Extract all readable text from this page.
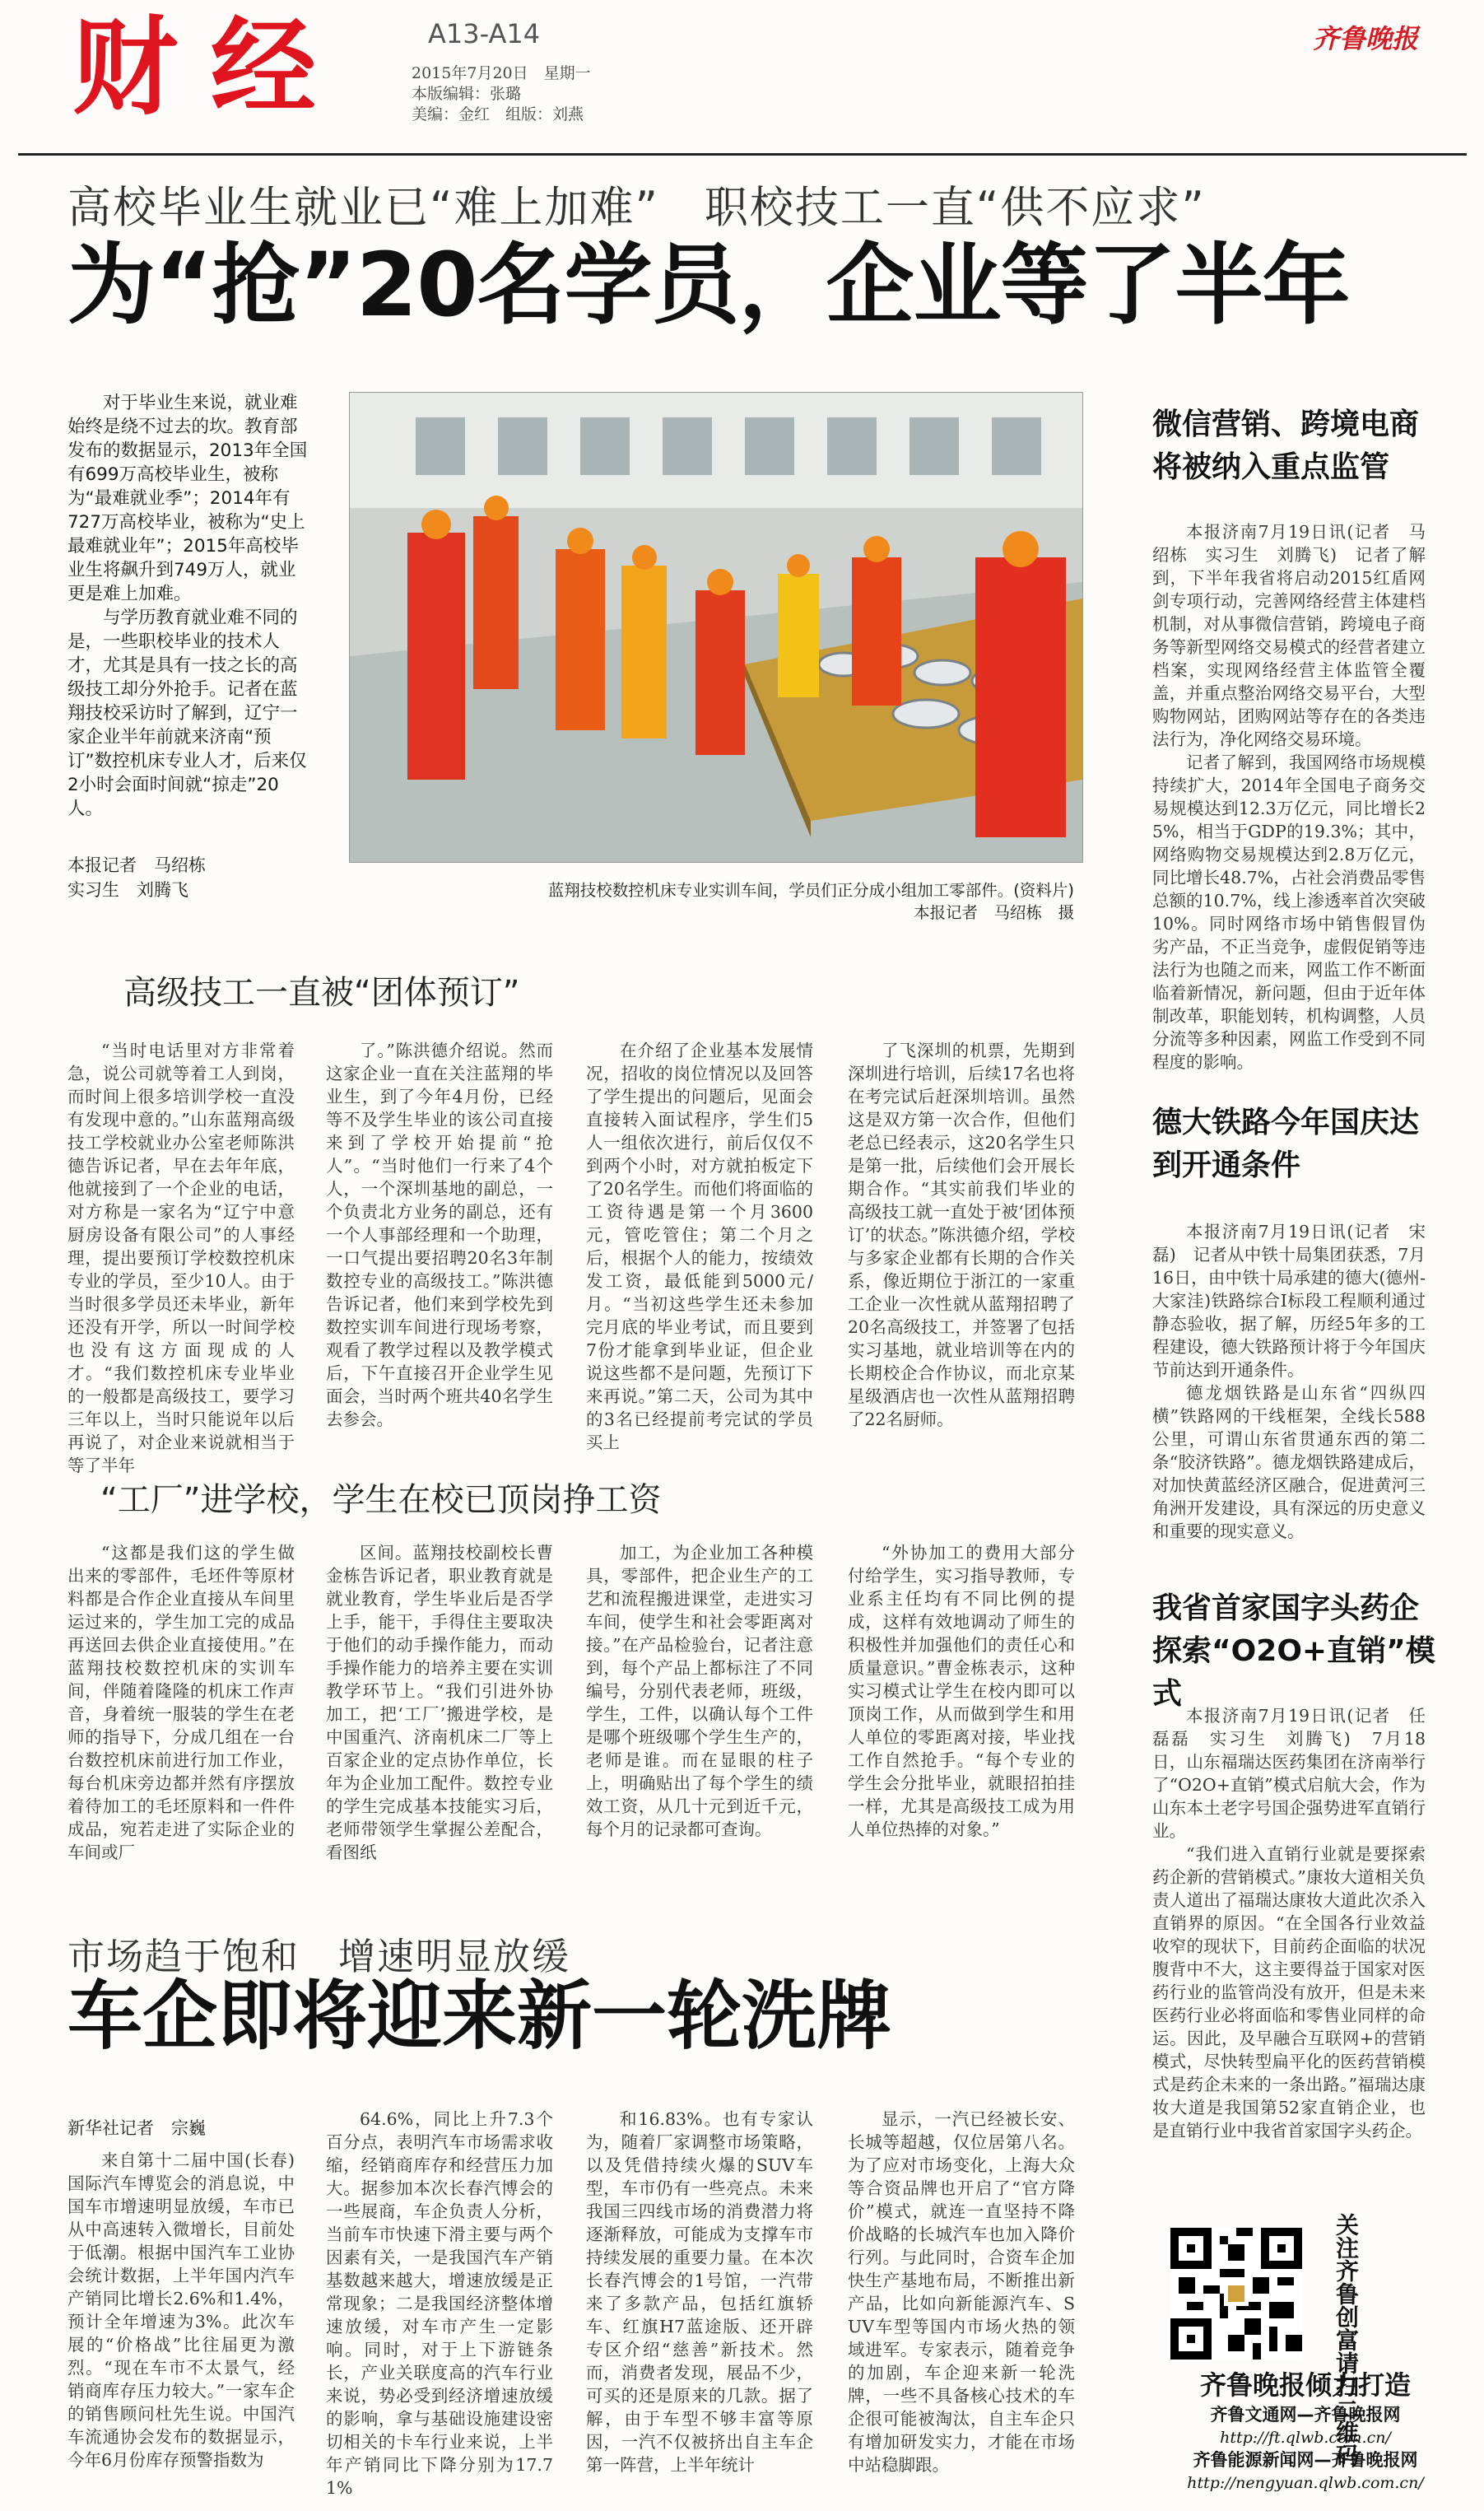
财 经	A13-A14
2015年7月20日　星期一
本版编辑：张璐
美编：金红　组版：刘燕
齐鲁晚报
高校毕业生就业已“难上加难”　职校技工一直“供不应求”
为“抢”20名学员，企业等了半年

对于毕业生来说，就业难始终是绕不过去的坎。教育部发布的数据显示，2013年全国有699万高校毕业生，被称为“最难就业季”；2014年有727万高校毕业，被称为“史上最难就业年”；2015年高校毕业生将飙升到749万人，就业更是难上加难。

与学历教育就业难不同的是，一些职校毕业的技术人才，尤其是具有一技之长的高级技工却分外抢手。记者在蓝翔技校采访时了解到，辽宁一家企业半年前就来济南“预订”数控机床专业人才，后来仅2小时会面时间就“掠走”20人。

本报记者　马绍栋
实习生　刘腾飞	蓝翔技校数控机床专业实训车间，学员们正分成小组加工零部件。(资料片)
本报记者　马绍栋　摄
高级技工一直被“团体预订”

“当时电话里对方非常着急，说公司就等着工人到岗，而时间上很多培训学校一直没有发现中意的。”山东蓝翔高级技工学校就业办公室老师陈洪德告诉记者，早在去年年底，他就接到了一个企业的电话，对方称是一家名为“辽宁中意厨房设备有限公司”的人事经理，提出要预订学校数控机床专业的学员，至少10人。由于当时很多学员还未毕业，新年还没有开学，所以一时间学校也没有这方面现成的人才。“我们数控机床专业毕业的一般都是高级技工，要学习三年以上，当时只能说年以后再说了，对企业来说就相当于等了半年

了。”陈洪德介绍说。然而这家企业一直在关注蓝翔的毕业生，到了今年4月份，已经等不及学生毕业的该公司直接来到了学校开始提前“抢人”。“当时他们一行来了4个人，一个深圳基地的副总，一个负责北方业务的副总，还有一个人事部经理和一个助理，一口气提出要招聘20名3年制数控专业的高级技工。”陈洪德告诉记者，他们来到学校先到数控实训车间进行现场考察，观看了教学过程以及教学模式后，下午直接召开企业学生见面会，当时两个班共40名学生去参会。

在介绍了企业基本发展情况，招收的岗位情况以及回答了学生提出的问题后，见面会直接转入面试程序，学生们5人一组依次进行，前后仅仅不到两个小时，对方就拍板定下了20名学生。而他们将面临的工资待遇是第一个月3600元，管吃管住；第二个月之后，根据个人的能力，按绩效发工资，最低能到5000元/月。“当初这些学生还未参加完月底的毕业考试，而且要到7份才能拿到毕业证，但企业说这些都不是问题，先预订下来再说。”第二天，公司为其中的3名已经提前考完试的学员买上

了飞深圳的机票，先期到深圳进行培训，后续17名也将在考完试后赶深圳培训。虽然这是双方第一次合作，但他们老总已经表示，这20名学生只是第一批，后续他们会开展长期合作。“其实前我们毕业的高级技工就一直处于被‘团体预订’的状态。”陈洪德介绍，学校与多家企业都有长期的合作关系，像近期位于浙江的一家重工企业一次性就从蓝翔招聘了20名高级技工，并签署了包括实习基地，就业培训等在内的长期校企合作协议，而北京某星级酒店也一次性从蓝翔招聘了22名厨师。

“工厂”进学校，学生在校已顶岗挣工资

“这都是我们这的学生做出来的零部件，毛坯件等原材料都是合作企业直接从车间里运过来的，学生加工完的成品再送回去供企业直接使用。”在蓝翔技校数控机床的实训车间，伴随着隆隆的机床工作声音，身着统一服装的学生在老师的指导下，分成几组在一台台数控机床前进行加工作业，每台机床旁边都并然有序摆放着待加工的毛坯原料和一件件成品，宛若走进了实际企业的车间或厂

区间。蓝翔技校副校长曹金栋告诉记者，职业教育就是就业教育，学生毕业后是否学上手，能干，手得住主要取决于他们的动手操作能力，而动手操作能力的培养主要在实训教学环节上。“我们引进外协加工，把‘工厂’搬进学校，是中国重汽、济南机床二厂等上百家企业的定点协作单位，长年为企业加工配件。数控专业的学生完成基本技能实习后，老师带领学生掌握公差配合，看图纸

加工，为企业加工各种模具，零部件，把企业生产的工艺和流程搬进课堂，走进实习车间，使学生和社会零距离对接。”在产品检验台，记者注意到，每个产品上都标注了不同编号，分别代表老师，班级，学生，工件，以确认每个工件是哪个班级哪个学生生产的，老师是谁。而在显眼的柱子上，明确贴出了每个学生的绩效工资，从几十元到近千元，每个月的记录都可查询。

“外协加工的费用大部分付给学生，实习指导教师，专业系主任均有不同比例的提成，这样有效地调动了师生的积极性并加强他们的责任心和质量意识。”曹金栋表示，这种实习模式让学生在校内即可以顶岗工作，从而做到学生和用人单位的零距离对接，毕业找工作自然抢手。“每个专业的学生会分批毕业，就眼招拍挂一样，尤其是高级技工成为用人单位热捧的对象。”

微信营销、跨境电商将被纳入重点监管

本报济南7月19日讯(记者　马绍栋　实习生　刘腾飞)　记者了解到，下半年我省将启动2015红盾网剑专项行动，完善网络经营主体建档机制，对从事微信营销，跨境电子商务等新型网络交易模式的经营者建立档案，实现网络经营主体监管全覆盖，并重点整治网络交易平台，大型购物网站，团购网站等存在的各类违法行为，净化网络交易环境。

记者了解到，我国网络市场规模持续扩大，2014年全国电子商务交易规模达到12.3万亿元，同比增长25%，相当于GDP的19.3%；其中，网络购物交易规模达到2.8万亿元，同比增长48.7%，占社会消费品零售总额的10.7%，线上渗透率首次突破10%。同时网络市场中销售假冒伪劣产品，不正当竞争，虚假促销等违法行为也随之而来，网监工作不断面临着新情况，新问题，但由于近年体制改革，职能划转，机构调整，人员分流等多种因素，网监工作受到不同程度的影响。

德大铁路今年国庆达到开通条件

本报济南7月19日讯(记者　宋磊)　记者从中铁十局集团获悉，7月16日，由中铁十局承建的德大(德州-大家洼)铁路综合Ⅰ标段工程顺利通过静态验收，据了解，历经5年多的工程建设，德大铁路预计将于今年国庆节前达到开通条件。

德龙烟铁路是山东省“四纵四横”铁路网的干线框架，全线长588公里，可谓山东省贯通东西的第二条“胶济铁路”。德龙烟铁路建成后，对加快黄蓝经济区融合，促进黄河三角洲开发建设，具有深远的历史意义和重要的现实意义。

我省首家国字头药企探索“O2O+直销”模式

本报济南7月19日讯(记者　任磊磊　实习生　刘腾飞)　7月18日，山东福瑞达医药集团在济南举行了“O2O+直销”模式启航大会，作为山东本土老字号国企强势进军直销行业。

“我们进入直销行业就是要探索药企新的营销模式。”康妆大道相关负责人道出了福瑞达康妆大道此次杀入直销界的原因。“在全国各行业效益收窄的现状下，目前药企面临的状况腹背中不大，这主要得益于国家对医药行业的监管尚没有放开，但是未来医药行业必将面临和零售业同样的命运。因此，及早融合互联网+的营销模式，尽快转型扁平化的医药营销模式是药企未来的一条出路。”福瑞达康妆大道是我国第52家直销企业，也是直销行业中我省首家国字头药企。

市场趋于饱和　增速明显放缓
车企即将迎来新一轮洗牌
新华社记者　宗巍

来自第十二届中国(长春)国际汽车博览会的消息说，中国车市增速明显放缓，车市已从中高速转入微增长，目前处于低潮。根据中国汽车工业协会统计数据，上半年国内汽车产销同比增长2.6%和1.4%，预计全年增速为3%。此次车展的“价格战”比往届更为激烈。“现在车市不太景气，经销商库存压力较大。”一家车企的销售顾问杜先生说。中国汽车流通协会发布的数据显示，今年6月份库存预警指数为

64.6%，同比上升7.3个百分点，表明汽车市场需求收缩，经销商库存和经营压力加大。据参加本次长春汽博会的一些展商，车企负责人分析，当前车市快速下滑主要与两个因素有关，一是我国汽车产销基数越来越大，增速放缓是正常现象；二是我国经济整体增速放缓，对车市产生一定影响。同时，对于上下游链条长，产业关联度高的汽车行业来说，势必受到经济增速放缓的影响，拿与基础设施建设密切相关的卡车行业来说，上半年产销同比下降分别为17.71%

和16.83%。也有专家认为，随着厂家调整市场策略，以及凭借持续火爆的SUV车型，车市仍有一些亮点。未来我国三四线市场的消费潜力将逐渐释放，可能成为支撑车市持续发展的重要力量。在本次长春汽博会的1号馆，一汽带来了多款产品，包括红旗轿车、红旗H7蓝途版、还开辟专区介绍“慈善”新技术。然而，消费者发现，展品不少，可买的还是原来的几款。据了解，由于车型不够丰富等原因，一汽不仅被挤出自主车企第一阵营，上半年统计

显示，一汽已经被长安、长城等超越，仅位居第八名。为了应对市场变化，上海大众等合资品牌也开启了“官方降价”模式，就连一直坚持不降价战略的长城汽车也加入降价行列。与此同时，合资车企加快生产基地布局，不断推出新产品，比如向新能源汽车、SUV车型等国内市场火热的领域进军。专家表示，随着竞争的加剧，车企迎来新一轮洗牌，一些不具备核心技术的车企很可能被淘汰，自主车企只有增加研发实力，才能在市场中站稳脚跟。	关注齐鲁创富请扫二维码
齐鲁晚报倾力打造
齐鲁文通网—齐鲁晚报网
http://ft.qlwb.com.cn/
齐鲁能源新闻网—齐鲁晚报网
http://nengyuan.qlwb.com.cn/
